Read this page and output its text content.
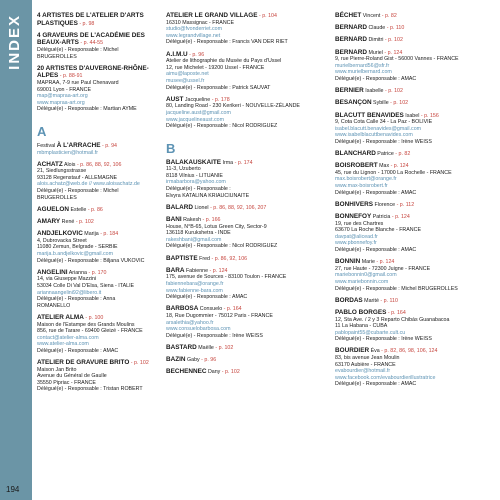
INDEX
194
4 ARTISTES DE L'ATELIER D'ARTS PLASTIQUES - p. 98
4 GRAVEURS DE L'ACADÉMIE DES BEAUX-ARTS - p. 44-55
Délégué(e) - Responsable : Michel BRUGEROLLES
20 ARTISTES D'AUVERGNE-RHÔNE-ALPES - p. 88-91
MAPRAA, 7-9 rue Paul Chenavard
69001 Lyon - FRANCE
map@mapraa-art.org
www.mapraa-art.org
Délégué(e) - Responsable : Martian AYME
A
Festival À L'ARRACHE - p. 94
mbmplasticien@hotmail.fr
ACHATZ Alois - p. 86, 88, 92, 106
21, Siedlungsstrasse
93128 Regenstauf - ALLEMAGNE
alois.achatz@web.de // www.aloisachatz.de
Délégué(e) - Responsable : Michel BRUGEROLLES
AGUELON Estelle - p. 86
AMARY René - p. 102
ANDJELKOVIC Marija - p. 184
4, Dubrovacka Street
11080 Zemun, Belgrade - SERBIE
marija.b.andjelkovic@gmail.com
Délégué(e) - Responsable : Biljana VUKOVIC
ANGELINI Arianna - p. 170
14, via Giuseppe Mazzini
53034 Colle Di Val D'Elsa, Siena - ITALIE
ariannaangelini92@libero.it
Délégué(e) - Responsable : Anna ROMANELLO
ATELIER ALMA - p. 100
Maison de l'Estampe des Grands Moulins
856, rue de Tarare - 69400 Gleizé - FRANCE
contact@atelier-alma.com
www.atelier-alma.com
Délégué(e) - Responsable : AMAC
ATELIER DE GRAVURE BRITO - p. 102
Maison Jan Brito
Avenue du Général de Gaulle
35550 Pipriac - FRANCE
Délégué(e) - Responsable : Tristan ROBERT
ATELIER LE GRAND VILLAGE - p. 104
16310 Massignac - FRANCE
studio@fvonderriet.com
www.legrandvillage.net
Délégué(e) - Responsable : Francis VAN DER RIET
A.I.M.U - p. 96
Atelier de lithographie du Musée du Pays d'Ussel
12, rue Michelet - 19200 Ussel - FRANCE
aimu@laposte.net
musee@ussel.fr
Délégué(e) - Responsable : Patrick SAUVAT
AUST Jacqueline - p. 178
80, Landing Road - 230 Kerikeri - NOUVELLE-ZÉLANDE
jacqueline.aust@gmail.com
www.jacquelineaust.com
Délégué(e) - Responsable : Nicol RODRIGUEZ
B
BALAKAUSKAITE Irma - p. 174
11-3, Uzuberto
8118 Vilnius - LITUANIE
irmabarbora@yahoo.com
Délégué(e) - Responsable :
Elvyra KATALINA KRIAUCIUNAITE
BALARD Lionel - p. 86, 88, 92, 106, 207
BANI Rakesh - p. 166
House, N°B-65, Lotus Green City, Sector-9
136118 Kurukshetra - INDE
rakeshbani@gmail.com
Délégué(e) - Responsable : Nicol RODRIGUEZ
BAPTISTE Fred - p. 86, 92, 106
BARA Fabienne - p. 124
175, avenue de Sources - 83100 Toulon - FRANCE
fabiennebara@orange.fr
www.fabienne-bara.com
Délégué(e) - Responsable : AMAC
BARBOSA Consuelo - p. 164
18, Rue Dugommier - 75012 Paris - FRANCE
arsalethia@yahoo.fr
www.consuelobarbosa.com
Délégué(e) - Responsable : Irène WEISS
BASTARD Maëlle - p. 102
BAZIN Gaby - p. 96
BECHENNEC Dany - p. 102
BÉCHET Vincent - p. 82
BERNARD Claude - p. 110
BERNARD Dimitri - p. 102
BERNARD Muriel - p. 124
9, rue Pierre-Roland Gist - 56000 Vannes - FRANCE
murielbernard56@sfr.fr
www.murielbernard.com
Délégué(e) - Responsable : AMAC
BERNIER Isabelle - p. 102
BESANÇON Sybille - p. 102
BLACUTT BENAVIDES Isabel - p. 156
9, Cota Cota Calle 34 - La Paz - BOLIVIE
isabel.blacutt.benavides@gmail.com
www.isabelblacuttbenavides.com
Délégué(e) - Responsable : Irène WEISS
BLANCHARD Patrice - p. 82
BOISROBERT Max - p. 124
45, rue du Lignon - 17000 La Rochelle - FRANCE
max.boisrobert@orange.fr
www.max-boisrobert.fr
Délégué(e) - Responsable : AMAC
BONHIVERS Florence - p. 112
BONNEFOY Patricia - p. 124
19, rue des Chartres
63670 La Roche Blanche - FRANCE
davpat@alicead.fr
www.pbonnefoy.fr
Délégué(e) - Responsable : AMAC
BONNIN Marie - p. 124
27, rue Haute - 72300 Juigne - FRANCE
mariebonnin0@gmail.com
www.mariebonnin.com
Délégué(e) - Responsable : Michel BRUGEROLLES
BORDAS Marité - p. 110
PABLO BORGES - p. 164
12, Sta Ave. / 2 y 3 Reparto Chibás Guanabacoa
11 La Habana - CUBA
pablopaint55@cubarte.cult.cu
Délégué(e) - Responsable : Irène WEISS
BOURDIER Éva - p. 82, 86, 98, 106, 124
83, bis avenue Jean Moulin
63170 Aubière - FRANCE
evabourdier@hotmail.fr
www.facebook.com/evabourdierillustratrice
Délégué(e) - Responsable : AMAC
